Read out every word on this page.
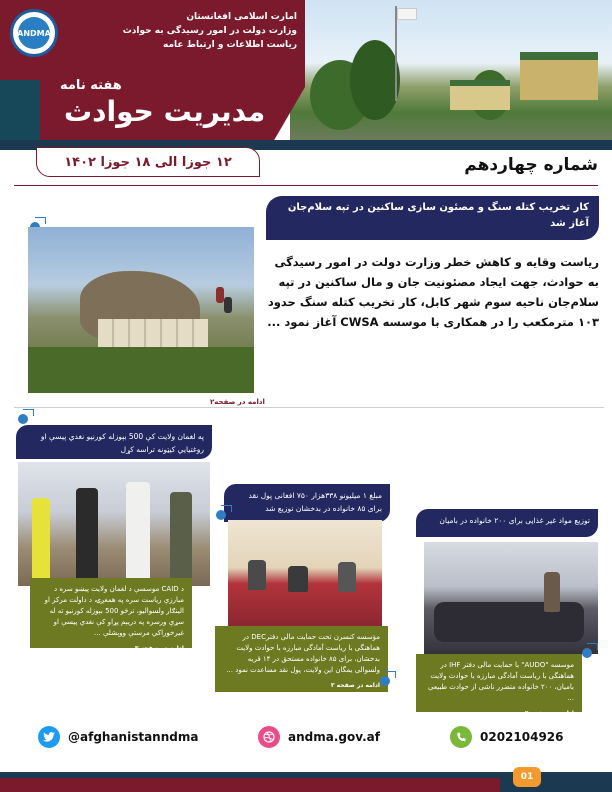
ANDMA
امارت اسلامی افغانستان
وزارت دولت در امور رسیدگی به حوادث
ریاست اطلاعات و ارتباط عامه
هفته نامه
مدیریت حوادث
۱۲ جوزا الی ۱۸ جوزا ۱۴۰۲	شماره چهاردهم
کار تخریب کتله سنگ و مصئون سازی ساکنین در تپه سلام‌جان آغاز شد
ریاست وقایه و کاهش خطر وزارت دولت در امور رسیدگی به حوادث، جهت ایجاد مصئونیت جان و مال ساکنین در تپه سلام‌جان ناحیه سوم شهر کابل، کار تخریب کتله سنگ حدود ۱۰۳ مترمکعب را در همکاری با موسسه CWSA آغاز نمود ...
ادامه در صفحه۲
په لغمان ولایت کې 500 بېوزله کورنيو نغدي پيسې او روغتيايي کيټونه تراسه کړل
د CAID موسسې د لغمان ولایت پيښو سره د مبارزې رياست سره په همغږۍ، د داولت مرکز او الينګار ولسوالیو، ترڅو 500 بېوزله کورنيو ته له سړې ورسره په دريېم پړاو کې نغدي پيسې او غيرخوراکي مرستې ووېشلې ...
ادامه در صفحه ۳
مبلغ ۱ میلیونو ۳۳۸هزار ۷۵۰ افغانی پول نقد برای ۸۵ خانواده در بدخشان توزیع شد
مؤسسه کنسرن تحت حمایت مالی دفترDEC در هماهنگی با ریاست آمادگی مبارزه با حوادث ولایت بدخشان، برای ۸۵ خانواده مستحق در ۱۴ قریه ولسوالی یمگان این ولایت، پول نقد مساعدت نمود ...
ادامه در صفحه ۳
توزیع مواد غیر غذایی برای ۲۰۰ خانواده در بامیان
موسسه "AUDO" با حمایت مالی دفتر IHF در هماهنگی با ریاست آمادگی مبارزه با حوادث ولایت بامیان، ۲۰۰ خانواده متضرر ناشی از حوادث طبیعی ...
ادامه در صفحه ۴
@afghanistanndma	andma.gov.af	0202104926
01
